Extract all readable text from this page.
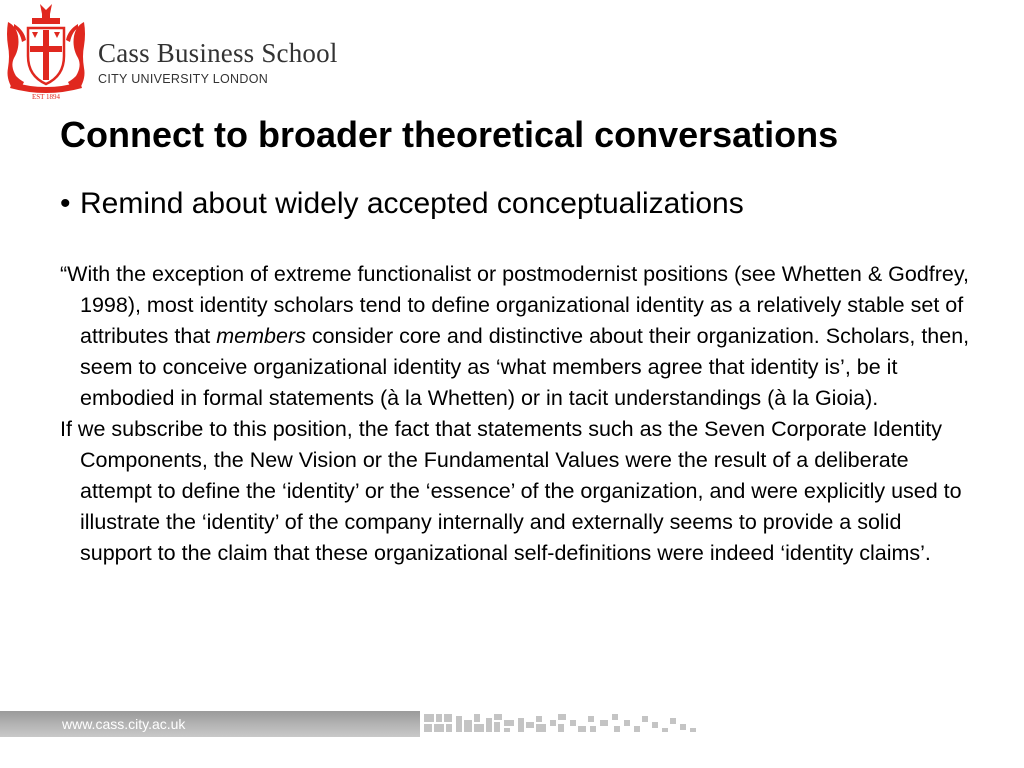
EST 1894
Cass Business School
CITY UNIVERSITY LONDON
Connect to broader theoretical conversations
• Remind about widely accepted conceptualizations

“With the exception of extreme functionalist or postmodernist positions (see Whetten & Godfrey, 1998), most identity scholars tend to define organizational identity as a relatively stable set of attributes that members consider core and distinctive about their organization. Scholars, then, seem to conceive organizational identity as ‘what members agree that identity is’, be it embodied in formal statements (à la Whetten) or in tacit understandings (à la Gioia).

If we subscribe to this position, the fact that statements such as the Seven Corporate Identity Components, the New Vision or the Fundamental Values were the result of a deliberate attempt to define the ‘identity’ or the ‘essence’ of the organization, and were explicitly used to illustrate the ‘identity’ of the company internally and externally seems to provide a solid support to the claim that these organizational self-definitions were indeed ‘identity claims’.

www.cass.city.ac.uk
